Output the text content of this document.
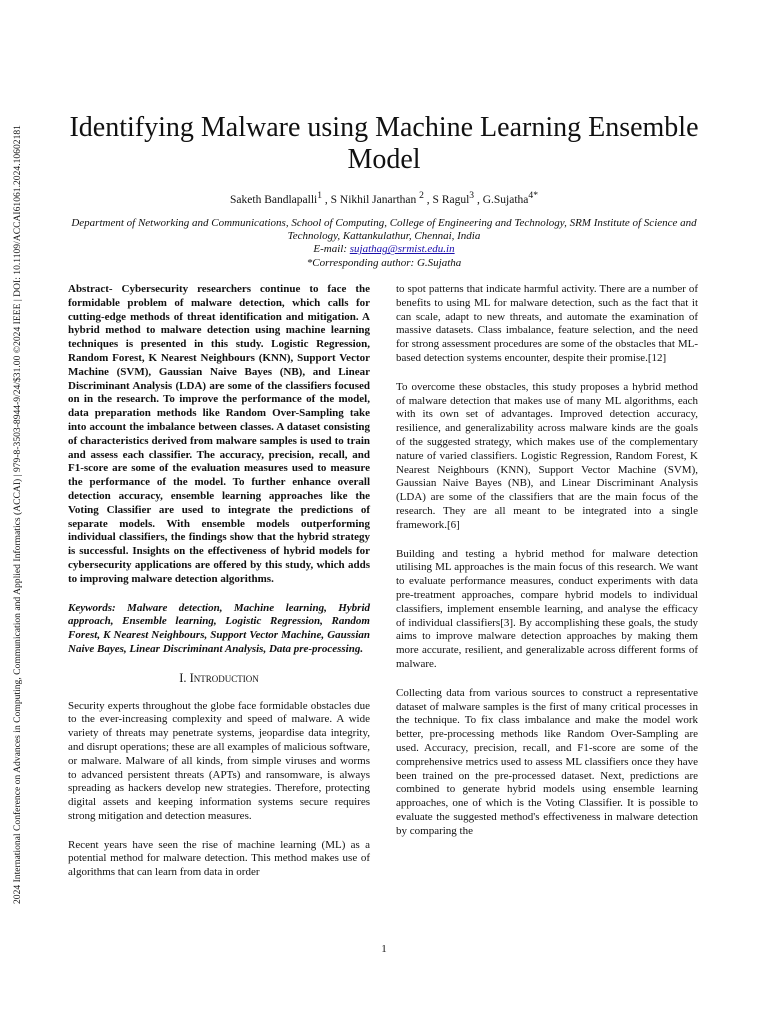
2024 International Conference on Advances in Computing, Communication and Applied Informatics (ACCAI) | 979-8-3503-8944-9/24/$31.00 ©2024 IEEE | DOI: 10.1109/ACCAI61061.2024.10602181	Identifying Malware using Machine Learning Ensemble Model
Saketh Bandlapalli$^1$ , S Nikhil Janarthan $^2$ , S Ragul$^3$ , G.Sujatha$^{4*}$
Department of Networking and Communications, School of Computing, College of Engineering and Technology, SRM Institute of Science and Technology, Kattankulathur, Chennai, India
E-mail: sujathag@srmist.edu.in
*Corresponding author: G.Sujatha

Abstract- Cybersecurity researchers continue to face the formidable problem of malware detection, which calls for cutting-edge methods of threat identification and mitigation. A hybrid method to malware detection using machine learning techniques is presented in this study. Logistic Regression, Random Forest, K Nearest Neighbours (KNN), Support Vector Machine (SVM), Gaussian Naive Bayes (NB), and Linear Discriminant Analysis (LDA) are some of the classifiers focused on in the research. To improve the performance of the model, data preparation methods like Random Over-Sampling take into account the imbalance between classes. A dataset consisting of characteristics derived from malware samples is used to train and assess each classifier. The accuracy, precision, recall, and F1-score are some of the evaluation measures used to measure the performance of the model. To further enhance overall detection accuracy, ensemble learning approaches like the Voting Classifier are used to integrate the predictions of separate models. With ensemble models outperforming individual classifiers, the findings show that the hybrid strategy is successful. Insights on the effectiveness of hybrid models for cybersecurity applications are offered by this study, which adds to improving malware detection algorithms.

Keywords: Malware detection, Machine learning, Hybrid approach, Ensemble learning, Logistic Regression, Random Forest, K Nearest Neighbours, Support Vector Machine, Gaussian Naive Bayes, Linear Discriminant Analysis, Data pre-processing.

I. Introduction

Security experts throughout the globe face formidable obstacles due to the ever-increasing complexity and speed of malware. A wide variety of threats may penetrate systems, jeopardise data integrity, and disrupt operations; these are all examples of malicious software, or malware. Malware of all kinds, from simple viruses and worms to advanced persistent threats (APTs) and ransomware, is always spreading as hackers develop new strategies. Therefore, protecting digital assets and keeping information systems secure requires strong mitigation and detection measures.

Recent years have seen the rise of machine learning (ML) as a potential method for malware detection. This method makes use of algorithms that can learn from data in order

to spot patterns that indicate harmful activity. There are a number of benefits to using ML for malware detection, such as the fact that it can scale, adapt to new threats, and automate the examination of massive datasets. Class imbalance, feature selection, and the need for strong assessment procedures are some of the obstacles that ML-based detection systems encounter, despite their promise.[12]

To overcome these obstacles, this study proposes a hybrid method of malware detection that makes use of many ML algorithms, each with its own set of advantages. Improved detection accuracy, resilience, and generalizability across malware kinds are the goals of the suggested strategy, which makes use of the complementary nature of varied classifiers. Logistic Regression, Random Forest, K Nearest Neighbours (KNN), Support Vector Machine (SVM), Gaussian Naive Bayes (NB), and Linear Discriminant Analysis (LDA) are some of the classifiers that are the main focus of the research. They are all meant to be integrated into a single framework.[6]

Building and testing a hybrid method for malware detection utilising ML approaches is the main focus of this research. We want to evaluate performance measures, conduct experiments with data pre-treatment approaches, compare hybrid models to individual classifiers, implement ensemble learning, and analyse the efficacy of individual classifiers[3]. By accomplishing these goals, the study aims to improve malware detection approaches by making them more accurate, resilient, and generalizable across different forms of malware.

Collecting data from various sources to construct a representative dataset of malware samples is the first of many critical processes in the technique. To fix class imbalance and make the model work better, pre-processing methods like Random Over-Sampling are used. Accuracy, precision, recall, and F1-score are some of the comprehensive metrics used to assess ML classifiers once they have been trained on the pre-processed dataset. Next, predictions are combined to generate hybrid models using ensemble learning approaches, one of which is the Voting Classifier. It is possible to evaluate the suggested method's effectiveness in malware detection by comparing the

1
